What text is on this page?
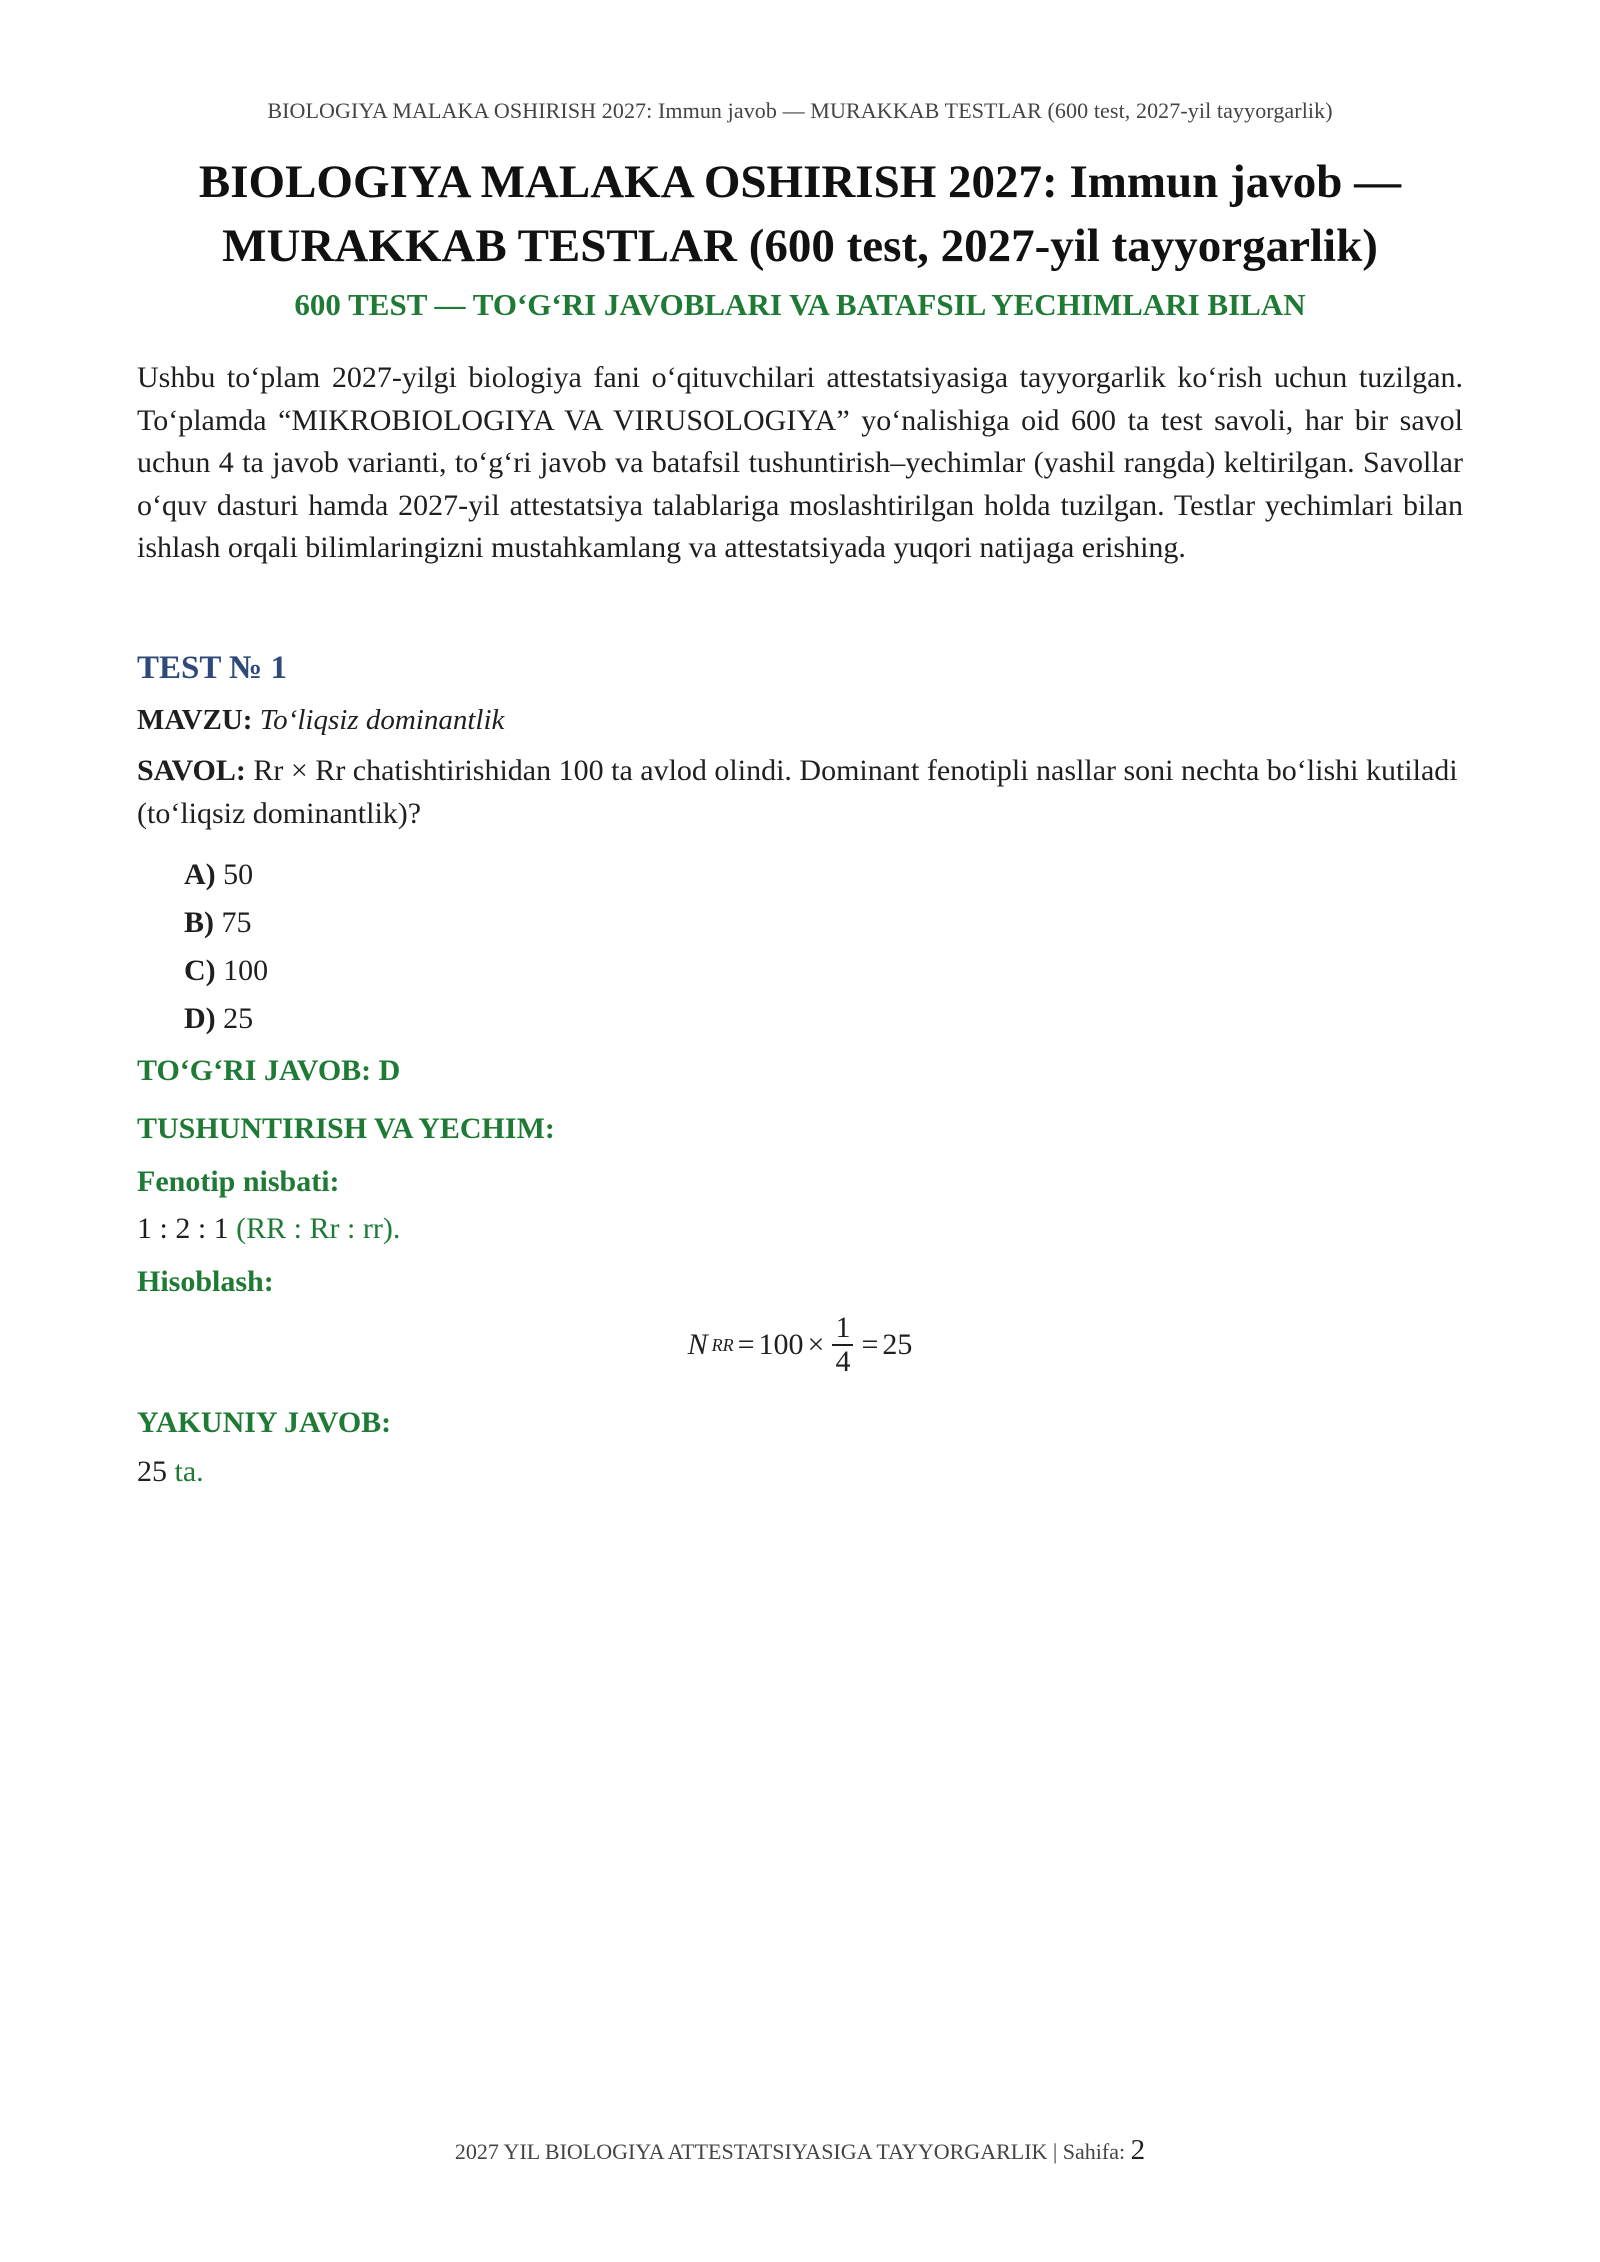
BIOLOGIYA MALAKA OSHIRISH 2027: Immun javob — MURAKKAB TESTLAR (600 test, 2027-yil tayyorgarlik)
BIOLOGIYA MALAKA OSHIRISH 2027: Immun javob —
MURAKKAB TESTLAR (600 test, 2027-yil tayyorgarlik)
600 TEST — TO‘G‘RI JAVOBLARI VA BATAFSIL YECHIMLARI BILAN

Ushbu to‘plam 2027-yilgi biologiya fani o‘qituvchilari attestatsiyasiga tayyorgarlik ko‘rish uchun tuzilgan. To‘plamda “MIKROBIOLOGIYA VA VIRUSOLOGIYA” yo‘nalishiga oid 600 ta test savoli, har bir savol uchun 4 ta javob varianti, to‘g‘ri javob va batafsil tushuntirish–yechimlar (yashil rangda) keltirilgan. Savollar o‘quv dasturi hamda 2027-yil attestatsiya talablariga moslashtirilgan holda tuzilgan. Testlar yechimlari bilan ishlash orqali bilimlaringizni mustahkamlang va attestatsiyada yuqori natijaga erishing.

TEST № 1
MAVZU: To‘liqsiz dominantlik

SAVOL: Rr × Rr chatishtirishidan 100 ta avlod olindi. Dominant fenotipli nasllar soni nechta bo‘lishi kutiladi (to‘liqsiz dominantlik)?

A) 50
B) 75
C) 100
D) 25
TO‘G‘RI JAVOB: D
TUSHUNTIRISH VA YECHIM:
Fenotip nisbati:
1 : 2 : 1 (RR : Rr : rr).
Hisoblash:
N RR = $100 \times \frac{1}{4} = 25$
YAKUNIY JAVOB:
25 ta.
2027 YIL BIOLOGIYA ATTESTATSIYASIGA TAYYORGARLIK | Sahifa: 2
